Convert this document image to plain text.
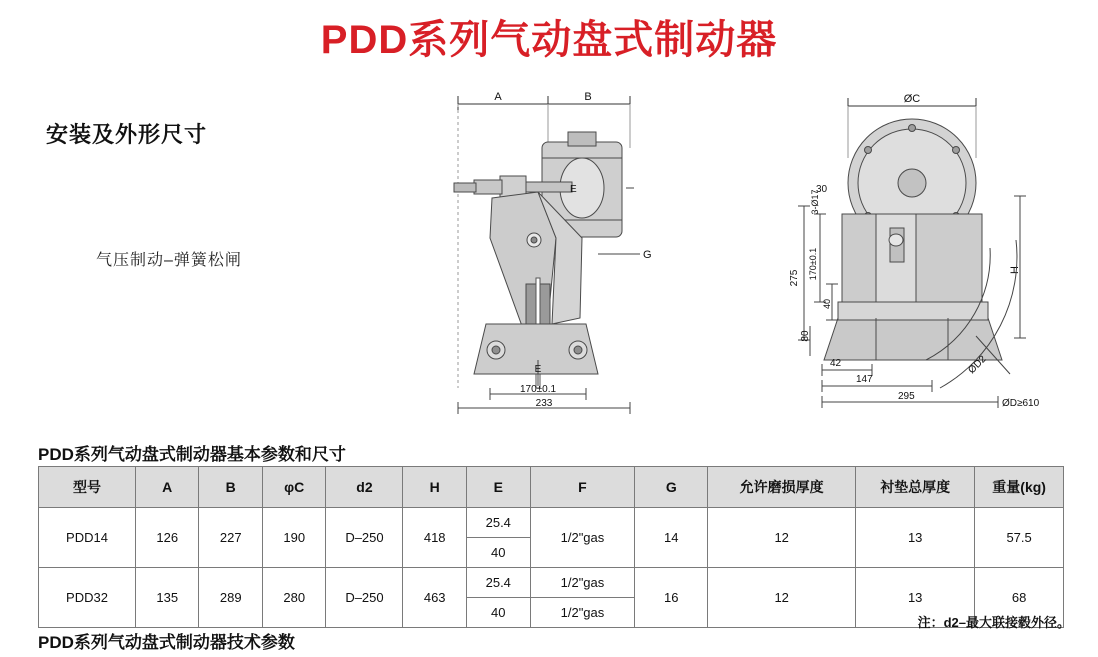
PDD系列气动盘式制动器
安装及外形尺寸
气压制动–弹簧松闸
A	B
E
G
E
170±0.1
233
ØC
275 170±0.1
40
80
3-Ø17
30
H
42
147
295
ØD2
ØD≥610
PDD系列气动盘式制动器基本参数和尺寸
型号	A	B	φC	d2	H	E	F	G	允许磨损厚度	衬垫总厚度	重量(kg)
PDD14	126	227	190	D–250	418	25.4	1/2"gas	14	12	13	57.5
						40					
PDD32	135	289	280	D–250	463	25.4	1/2"gas	16	12	13	68
						40	1/2"gas				
注：d2–最大联接毂外径。
PDD系列气动盘式制动器技术参数
